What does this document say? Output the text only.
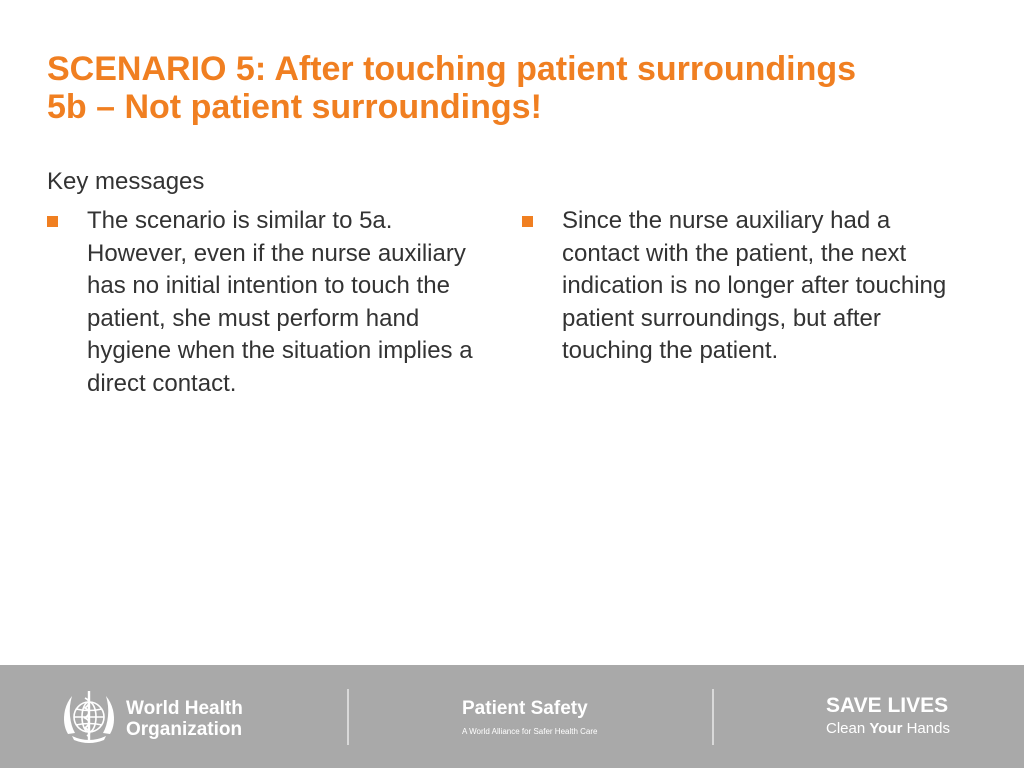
SCENARIO 5: After touching patient surroundings
5b – Not patient surroundings!
Key messages
The scenario is similar to 5a. However, even if the nurse auxiliary has no initial intention to touch the patient, she must perform hand hygiene when the situation implies a direct contact.
Since the nurse auxiliary had a contact with the patient, the next indication is no longer after touching patient surroundings, but after touching the patient.
World Health
Organization
Patient Safety
A World Alliance for Safer Health Care
SAVE LIVES
Clean Your Hands
